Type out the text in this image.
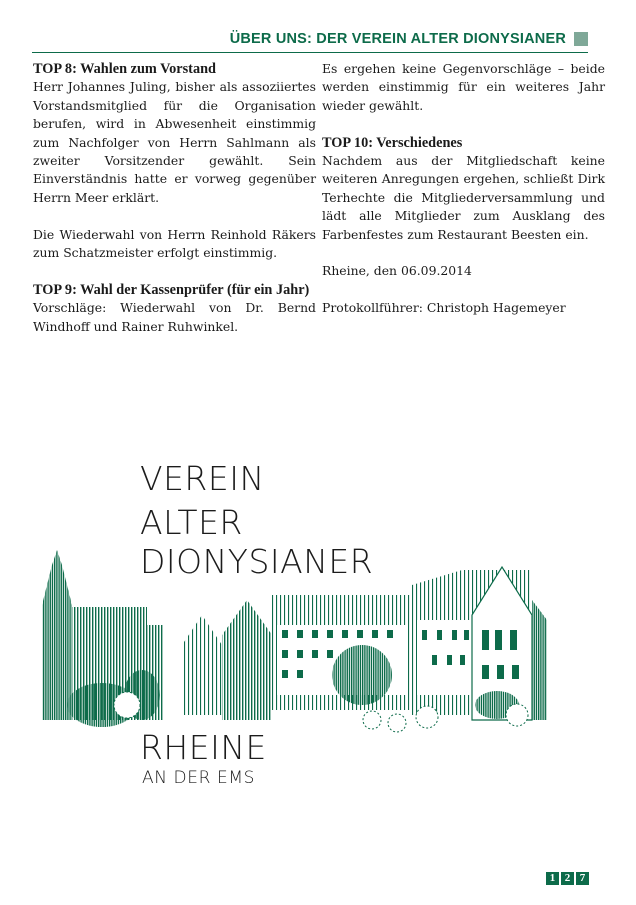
ÜBER UNS: DER VEREIN ALTER DIONYSIANER
TOP 8: Wahlen zum Vorstand
Herr Johannes Juling, bisher als assoziiertes Vorstandsmitglied für die Organisation berufen, wird in Abwesenheit einstimmig zum Nachfolger von Herrn Sahlmann als zweiter Vorsitzender gewählt. Sein Einverständnis hatte er vorweg gegenüber Herrn Meer erklärt.
Die Wiederwahl von Herrn Reinhold Räkers zum Schatzmeister erfolgt einstimmig.
TOP 9: Wahl der Kassenprüfer (für ein Jahr)
Vorschläge: Wiederwahl von Dr. Bernd Windhoff und Rainer Ruhwinkel.
Es ergehen keine Gegenvorschläge – beide werden einstimmig für ein weiteres Jahr wieder gewählt.
TOP 10: Verschiedenes
Nachdem aus der Mitgliedschaft keine weiteren Anregungen ergehen, schließt Dirk Terhechte die Mitgliederversammlung und lädt alle Mitglieder zum Ausklang des Farbenfestes zum Restaurant Beesten ein.
Rheine, den 06.09.2014
Protokollführer: Christoph Hagemeyer
VEREIN
ALTER
DIONYSIANER
RHEINE
AN DER EMS
1 2 7
